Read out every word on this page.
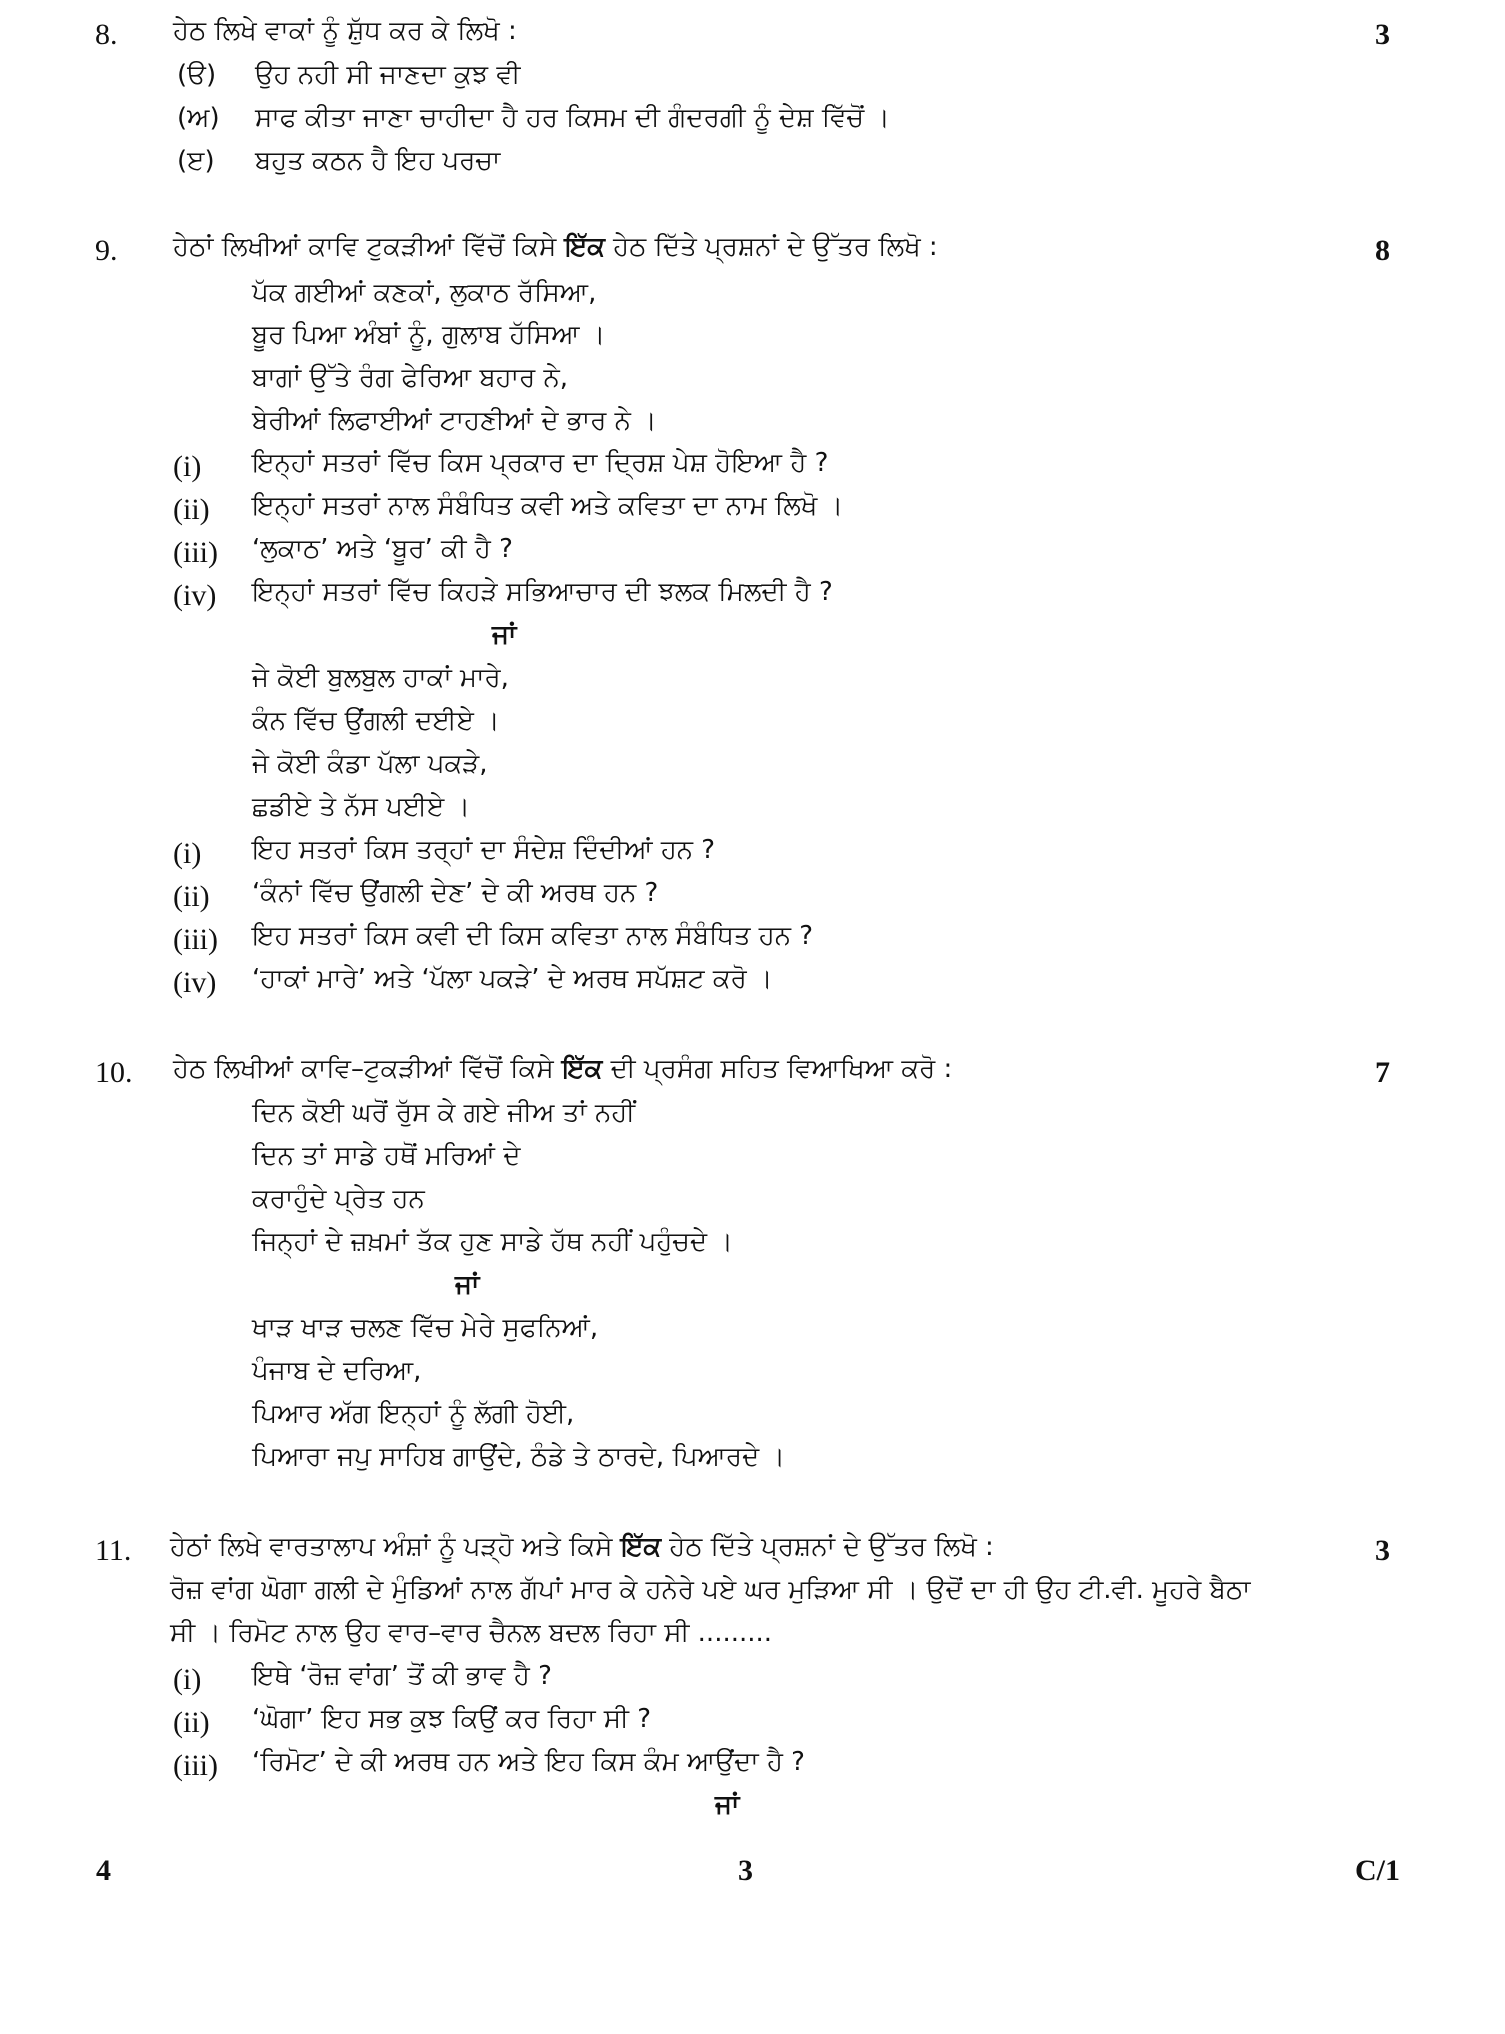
8. ਹੇਠ ਲਿਖੇ ਵਾਕਾਂ ਨੂੰ ਸ਼ੁੱਧ ਕਰ ਕੇ ਲਿਖੋ :	3
(ੳ) ਉਹ ਨਹੀ ਸੀ ਜਾਣਦਾ ਕੁਝ ਵੀ
(ਅ) ਸਾਫ ਕੀਤਾ ਜਾਣਾ ਚਾਹੀਦਾ ਹੈ ਹਰ ਕਿਸਮ ਦੀ ਗੰਦਰਗੀ ਨੂੰ ਦੇਸ਼ ਵਿੱਚੋਂ ।
(ੲ) ਬਹੁਤ ਕਠਨ ਹੈ ਇਹ ਪਰਚਾ
9. ਹੇਠਾਂ ਲਿਖੀਆਂ ਕਾਵਿ ਟੁਕੜੀਆਂ ਵਿੱਚੋਂ ਕਿਸੇ ਇੱਕ ਹੇਠ ਦਿੱਤੇ ਪ੍ਰਸ਼ਨਾਂ ਦੇ ਉੱਤਰ ਲਿਖੋ :	8
ਪੱਕ ਗਈਆਂ ਕਣਕਾਂ, ਲੁਕਾਠ ਰੱਸਿਆ,
ਬੂਰ ਪਿਆ ਅੰਬਾਂ ਨੂੰ, ਗੁਲਾਬ ਹੱਸਿਆ ।
ਬਾਗਾਂ ਉੱਤੇ ਰੰਗ ਫੇਰਿਆ ਬਹਾਰ ਨੇ,
ਬੇਰੀਆਂ ਲਿਫਾਈਆਂ ਟਾਹਣੀਆਂ ਦੇ ਭਾਰ ਨੇ ।
(i) ਇਨ੍ਹਾਂ ਸਤਰਾਂ ਵਿੱਚ ਕਿਸ ਪ੍ਰਕਾਰ ਦਾ ਦ੍ਰਿਸ਼ ਪੇਸ਼ ਹੋਇਆ ਹੈ ?
(ii) ਇਨ੍ਹਾਂ ਸਤਰਾਂ ਨਾਲ ਸੰਬੰਧਿਤ ਕਵੀ ਅਤੇ ਕਵਿਤਾ ਦਾ ਨਾਮ ਲਿਖੋ ।
(iii) ‘ਲੁਕਾਠ’ ਅਤੇ ‘ਬੂਰ’ ਕੀ ਹੈ ?
(iv) ਇਨ੍ਹਾਂ ਸਤਰਾਂ ਵਿੱਚ ਕਿਹੜੇ ਸਭਿਆਚਾਰ ਦੀ ਝਲਕ ਮਿਲਦੀ ਹੈ ?
ਜਾਂ
ਜੇ ਕੋਈ ਬੁਲਬੁਲ ਹਾਕਾਂ ਮਾਰੇ,
ਕੰਨ ਵਿੱਚ ਉਂਗਲੀ ਦਈਏ ।
ਜੇ ਕੋਈ ਕੰਡਾ ਪੱਲਾ ਪਕੜੇ,
ਛਡੀਏ ਤੇ ਨੱਸ ਪਈਏ ।
(i) ਇਹ ਸਤਰਾਂ ਕਿਸ ਤਰ੍ਹਾਂ ਦਾ ਸੰਦੇਸ਼ ਦਿੰਦੀਆਂ ਹਨ ?
(ii) ‘ਕੰਨਾਂ ਵਿੱਚ ਉਂਗਲੀ ਦੇਣ’ ਦੇ ਕੀ ਅਰਥ ਹਨ ?
(iii) ਇਹ ਸਤਰਾਂ ਕਿਸ ਕਵੀ ਦੀ ਕਿਸ ਕਵਿਤਾ ਨਾਲ ਸੰਬੰਧਿਤ ਹਨ ?
(iv) ‘ਹਾਕਾਂ ਮਾਰੇ’ ਅਤੇ ‘ਪੱਲਾ ਪਕੜੇ’ ਦੇ ਅਰਥ ਸਪੱਸ਼ਟ ਕਰੋ ।
10. ਹੇਠ ਲਿਖੀਆਂ ਕਾਵਿ–ਟੁਕੜੀਆਂ ਵਿੱਚੋਂ ਕਿਸੇ ਇੱਕ ਦੀ ਪ੍ਰਸੰਗ ਸਹਿਤ ਵਿਆਖਿਆ ਕਰੋ :	7
ਦਿਨ ਕੋਈ ਘਰੋਂ ਰੁੱਸ ਕੇ ਗਏ ਜੀਅ ਤਾਂ ਨਹੀਂ
ਦਿਨ ਤਾਂ ਸਾਡੇ ਹਥੋਂ ਮਰਿਆਂ ਦੇ
ਕਰਾਹੁੰਦੇ ਪ੍ਰੇਤ ਹਨ
ਜਿਨ੍ਹਾਂ ਦੇ ਜ਼ਖ਼ਮਾਂ ਤੱਕ ਹੁਣ ਸਾਡੇ ਹੱਥ ਨਹੀਂ ਪਹੁੰਚਦੇ ।
ਜਾਂ
ਖਾੜ ਖਾੜ ਚਲਣ ਵਿੱਚ ਮੇਰੇ ਸੁਫਨਿਆਂ,
ਪੰਜਾਬ ਦੇ ਦਰਿਆ,
ਪਿਆਰ ਅੱਗ ਇਨ੍ਹਾਂ ਨੂੰ ਲੱਗੀ ਹੋਈ,
ਪਿਆਰਾ ਜਪੁ ਸਾਹਿਬ ਗਾਉਂਦੇ, ਠੰਡੇ ਤੇ ਠਾਰਦੇ, ਪਿਆਰਦੇ ।
11. ਹੇਠਾਂ ਲਿਖੇ ਵਾਰਤਾਲਾਪ ਅੰਸ਼ਾਂ ਨੂੰ ਪੜ੍ਹੋ ਅਤੇ ਕਿਸੇ ਇੱਕ ਹੇਠ ਦਿੱਤੇ ਪ੍ਰਸ਼ਨਾਂ ਦੇ ਉੱਤਰ ਲਿਖੋ :	3
ਰੋਜ਼ ਵਾਂਗ ਘੋਗਾ ਗਲੀ ਦੇ ਮੁੰਡਿਆਂ ਨਾਲ ਗੱਪਾਂ ਮਾਰ ਕੇ ਹਨੇਰੇ ਪਏ ਘਰ ਮੁੜਿਆ ਸੀ । ਉਦੋਂ ਦਾ ਹੀ ਉਹ ਟੀ.ਵੀ. ਮੂਹਰੇ ਬੈਠਾ
ਸੀ । ਰਿਮੋਟ ਨਾਲ ਉਹ ਵਾਰ–ਵਾਰ ਚੈਨਲ ਬਦਲ ਰਿਹਾ ਸੀ .........
(i) ਇਥੇ ‘ਰੋਜ਼ ਵਾਂਗ’ ਤੋਂ ਕੀ ਭਾਵ ਹੈ ?
(ii) ‘ਘੋਗਾ’ ਇਹ ਸਭ ਕੁਝ ਕਿਉਂ ਕਰ ਰਿਹਾ ਸੀ ?
(iii) ‘ਰਿਮੋਟ’ ਦੇ ਕੀ ਅਰਥ ਹਨ ਅਤੇ ਇਹ ਕਿਸ ਕੰਮ ਆਉਂਦਾ ਹੈ ?
ਜਾਂ
4	3	C/1
